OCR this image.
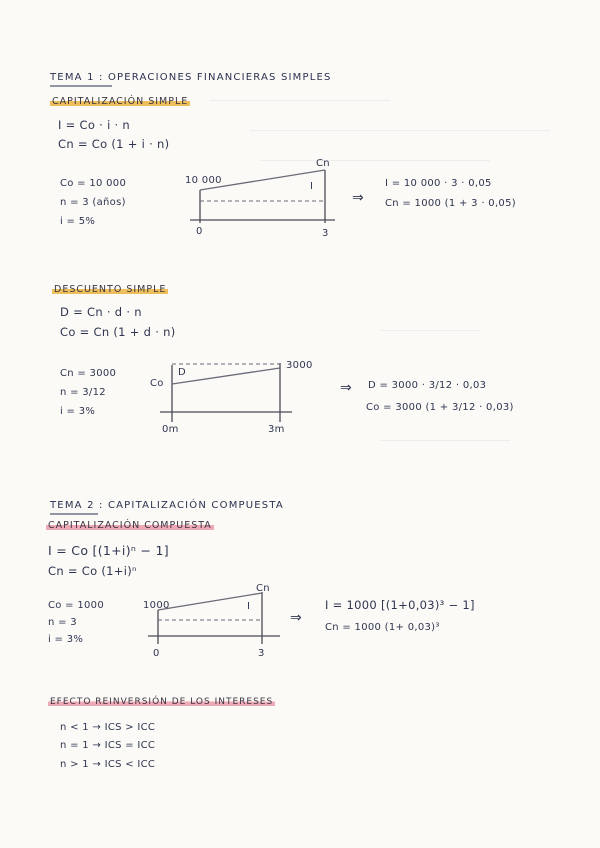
TEMA 1 : OPERACIONES FINANCIERAS SIMPLES
CAPITALIZACIÓN SIMPLE
I = Co · i · n
Cn = Co (1 + i · n)
Co = 10 000
n = 3 (años)
i = 5%
10 000
Cn
I
0	3
⇒
I = 10 000 · 3 · 0,05
Cn = 1000 (1 + 3 · 0,05)
DESCUENTO SIMPLE
D = Cn · d · n
Co = Cn (1 + d · n)
Cn = 3000
n = 3/12
i = 3%
Co
3000
D
0m	3m
⇒ D = 3000 · 3/12 · 0,03
Co = 3000 (1 + 3/12 · 0,03)
TEMA 2 : CAPITALIZACIÓN COMPUESTA
CAPITALIZACIÓN COMPUESTA
I = Co [(1+i)ⁿ − 1]
Cn = Co (1+i)ⁿ
Co = 1000
n = 3
i = 3%
1000
Cn
I
0	3
⇒
I = 1000 [(1+0,03)³ − 1]
Cn = 1000 (1+ 0,03)³
EFECTO REINVERSIÓN DE LOS INTERESES
n < 1 → ICS > ICC
n = 1 → ICS = ICC
n > 1 → ICS < ICC
